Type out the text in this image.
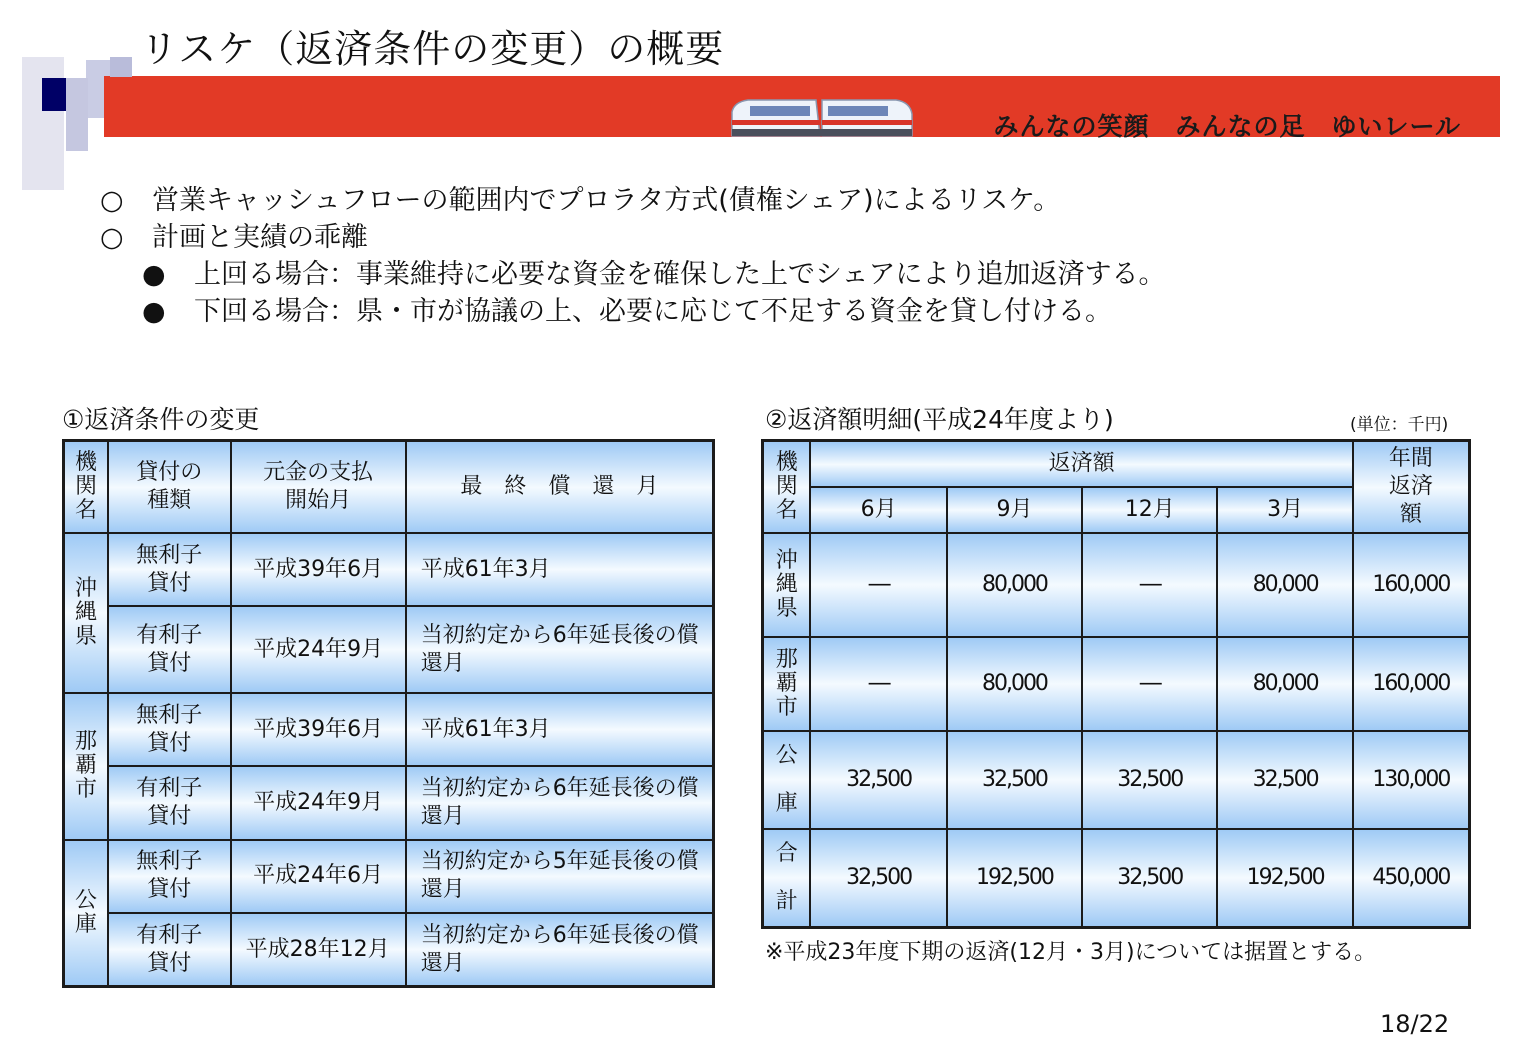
リスケ（返済条件の変更）の概要
みんなの笑顔　みんなの足　ゆいレール
○ 営業キャッシュフローの範囲内でプロラタ方式(債権シェア)によるリスケ。
○ 計画と実績の乖離
● 上回る場合：事業維持に必要な資金を確保した上でシェアにより追加返済する。
● 下回る場合：県・市が協議の上、必要に応じて不足する資金を貸し付ける。
①返済条件の変更
機関名	貸付の種類	元金の支払開始月	最　終　償　還　月
沖縄県	無利子貸付	平成39年6月	平成61年3月
	有利子貸付	平成24年9月	当初約定から6年延長後の償還月
那覇市	無利子貸付	平成39年6月	平成61年3月
	有利子貸付	平成24年9月	当初約定から6年延長後の償還月
公庫	無利子貸付	平成24年6月	当初約定から5年延長後の償還月
	有利子貸付	平成28年12月	当初約定から6年延長後の償還月
②返済額明細(平成24年度より)	(単位：千円)
機関名	返済額				年間返済額
	6月	9月	12月	3月	
沖縄県	―	80,000	―	80,000	160,000
那覇市	―	80,000	―	80,000	160,000
公庫	32,500	32,500	32,500	32,500	130,000
合計	32,500	192,500	32,500	192,500	450,000
※平成23年度下期の返済(12月・3月)については据置とする。
18/22
